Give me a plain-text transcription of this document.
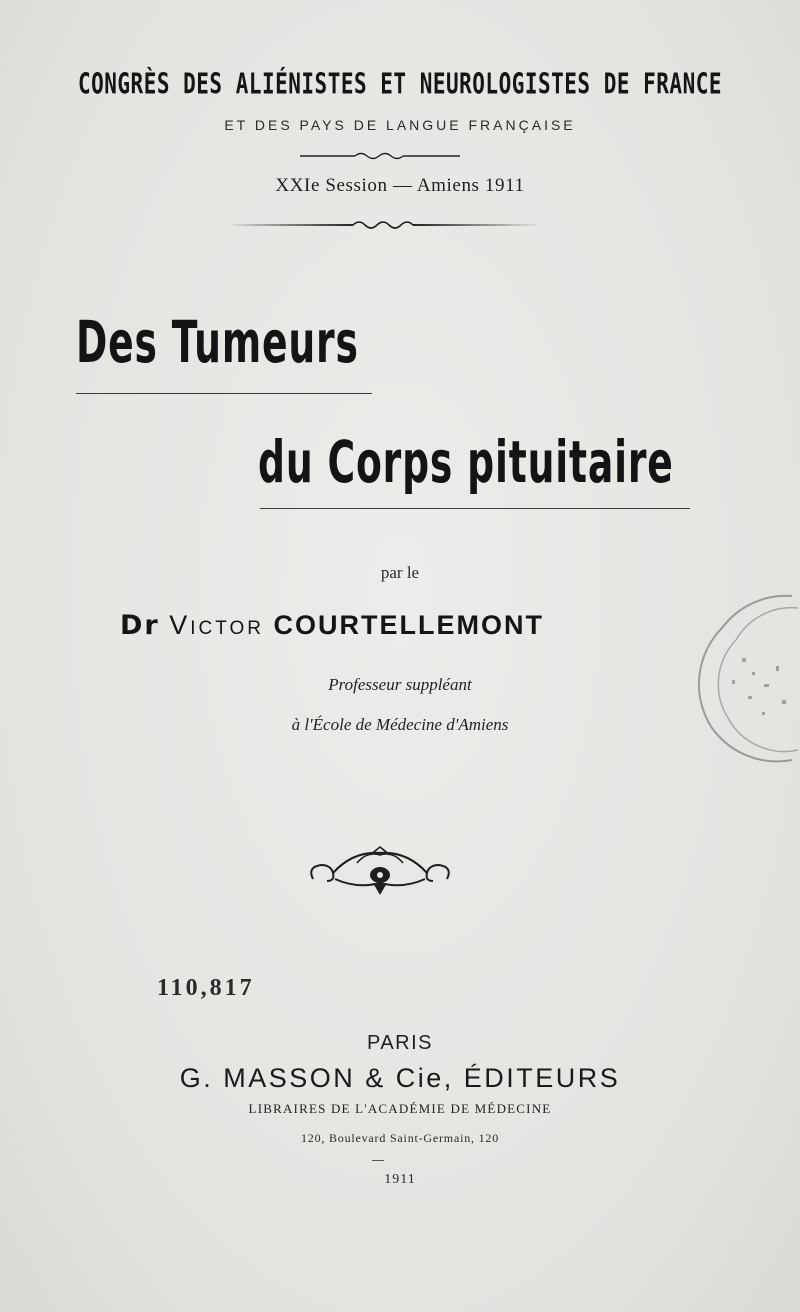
CONGRÈS DES ALIÉNISTES ET NEUROLOGISTES DE FRANCE
ET DES PAYS DE LANGUE FRANÇAISE
XXIe Session — Amiens 1911
Des Tumeurs
du Corps pituitaire
par le
Dr Victor COURTELLEMONT
Professeur suppléant
à l'École de Médecine d'Amiens
110,817
PARIS
G. MASSON & Cie, ÉDITEURS
LIBRAIRES DE L'ACADÉMIE DE MÉDECINE
120, Boulevard Saint-Germain, 120
1911
